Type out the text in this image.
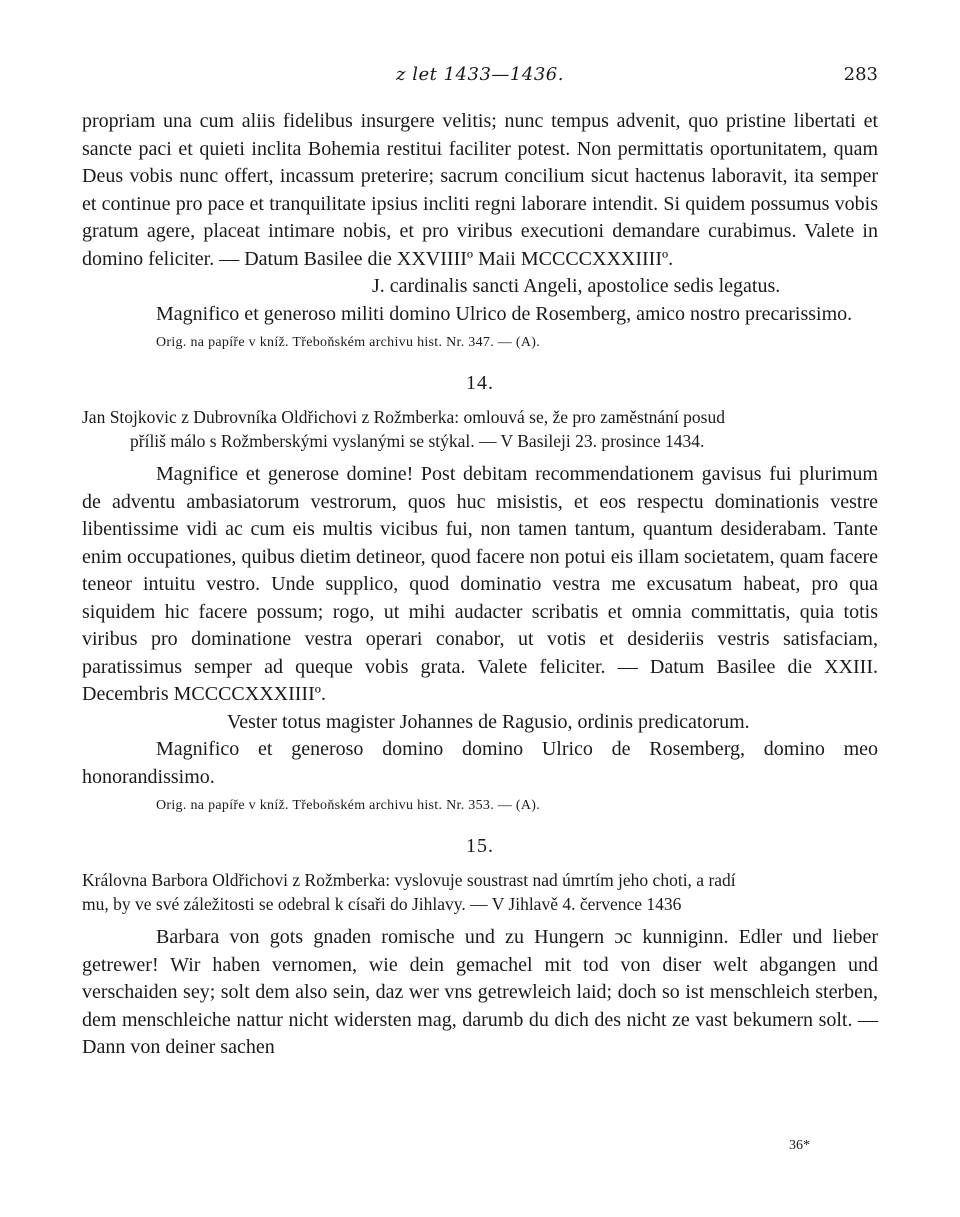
z let 1433—1436.	283

propriam una cum aliis fidelibus insurgere velitis; nunc tempus advenit, quo pristine libertati et sancte paci et quieti inclita Bohemia restitui faciliter potest. Non permittatis oportunitatem, quam Deus vobis nunc offert, incassum preterire; sacrum concilium sicut hactenus laboravit, ita semper et continue pro pace et tranquilitate ipsius incliti regni laborare intendit. Si quidem possumus vobis gratum agere, placeat intimare nobis, et pro viribus executioni demandare curabimus. Valete in domino feliciter. — Datum Basilee die XXVIIIIº Maii MCCCCXXXIIIIº.

J. cardinalis sancti Angeli, apostolice sedis legatus.

Magnifico et generoso militi domino Ulrico de Rosemberg, amico nostro precarissimo.

Orig. na papíře v kníž. Třeboňském archivu hist. Nr. 347. — (A).

14.
Jan Stojkovic z Dubrovníka Oldřichovi z Rožmberka: omlouvá se, že pro zaměstnání posud
příliš málo s Rožmberskými vyslanými se stýkal. — V Basileji 23. prosince 1434.

Magnifice et generose domine! Post debitam recommendationem gavisus fui plurimum de adventu ambasiatorum vestrorum, quos huc misistis, et eos respectu dominationis vestre libentissime vidi ac cum eis multis vicibus fui, non tamen tantum, quantum desiderabam. Tante enim occupationes, quibus dietim detineor, quod facere non potui eis illam societatem, quam facere teneor intuitu vestro. Unde supplico, quod dominatio vestra me excusatum habeat, pro qua siquidem hic facere possum; rogo, ut mihi audacter scribatis et omnia committatis, quia totis viribus pro dominatione vestra operari conabor, ut votis et desideriis vestris satisfaciam, paratissimus semper ad queque vobis grata. Valete feliciter. — Datum Basilee die XXIII. Decembris MCCCCXXXIIIIº.

Vester totus magister Johannes de Ragusio, ordinis predicatorum.

Magnifico et generoso domino domino Ulrico de Rosemberg, domino meo honorandissimo.

Orig. na papíře v kníž. Třeboňském archivu hist. Nr. 353. — (A).

15.
Královna Barbora Oldřichovi z Rožmberka: vyslovuje soustrast nad úmrtím jeho choti, a radí
mu, by ve své záležitosti se odebral k císaři do Jihlavy. — V Jihlavě 4. července 1436

Barbara von gots gnaden romische und zu Hungern ɔc kunniginn. Edler und lieber getrewer! Wir haben vernomen, wie dein gemachel mit tod von diser welt abgangen und verschaiden sey; solt dem also sein, daz wer vns getrewleich laid; doch so ist menschleich sterben, dem menschleiche nattur nicht widersten mag, darumb du dich des nicht ze vast bekumern solt. — Dann von deiner sachen

36*
